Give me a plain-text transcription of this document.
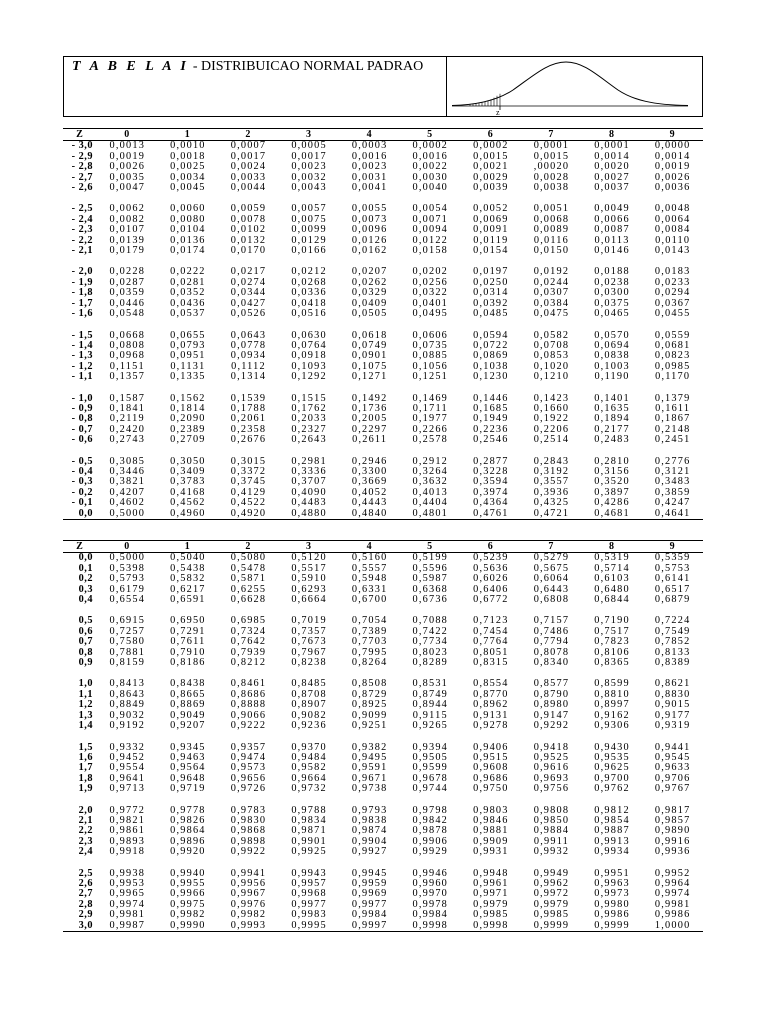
T A B E L A I - DISTRIBUICAO NORMAL PADRAO
z
Z	0	1	2	3	4	5	6	7	8	9
- 3,0	0,0013	0,0010	0,0007	0,0005	0,0003	0,0002	0,0002	0,0001	0,0001	0,0000
- 2,9	0,0019	0,0018	0,0017	0,0017	0,0016	0,0016	0,0015	0,0015	0,0014	0,0014
- 2,8	0,0026	0,0025	0,0024	0,0023	0,0023	0,0022	0,0021	,00020	0,0020	0,0019
- 2,7	0,0035	0,0034	0,0033	0,0032	0,0031	0,0030	0,0029	0,0028	0,0027	0,0026
- 2,6	0,0047	0,0045	0,0044	0,0043	0,0041	0,0040	0,0039	0,0038	0,0037	0,0036

- 2,5	0,0062	0,0060	0,0059	0,0057	0,0055	0,0054	0,0052	0,0051	0,0049	0,0048
- 2,4	0,0082	0,0080	0,0078	0,0075	0,0073	0,0071	0,0069	0,0068	0,0066	0,0064
- 2,3	0,0107	0,0104	0,0102	0,0099	0,0096	0,0094	0,0091	0,0089	0,0087	0,0084
- 2,2	0,0139	0,0136	0,0132	0,0129	0,0126	0,0122	0,0119	0,0116	0,0113	0,0110
- 2,1	0,0179	0,0174	0,0170	0,0166	0,0162	0,0158	0,0154	0,0150	0,0146	0,0143

- 2,0	0,0228	0,0222	0,0217	0,0212	0,0207	0,0202	0,0197	0,0192	0,0188	0,0183
- 1,9	0,0287	0,0281	0,0274	0,0268	0,0262	0,0256	0,0250	0,0244	0,0238	0,0233
- 1,8	0,0359	0,0352	0,0344	0,0336	0,0329	0,0322	0,0314	0,0307	0,0300	0,0294
- 1,7	0,0446	0,0436	0,0427	0,0418	0,0409	0,0401	0,0392	0,0384	0,0375	0,0367
- 1,6	0,0548	0,0537	0,0526	0,0516	0,0505	0,0495	0,0485	0,0475	0,0465	0,0455

- 1,5	0,0668	0,0655	0,0643	0,0630	0,0618	0,0606	0,0594	0,0582	0,0570	0,0559
- 1,4	0,0808	0,0793	0,0778	0,0764	0,0749	0,0735	0,0722	0,0708	0,0694	0,0681
- 1,3	0,0968	0,0951	0,0934	0,0918	0,0901	0,0885	0,0869	0,0853	0,0838	0,0823
- 1,2	0,1151	0,1131	0,1112	0,1093	0,1075	0,1056	0,1038	0,1020	0,1003	0,0985
- 1,1	0,1357	0,1335	0,1314	0,1292	0,1271	0,1251	0,1230	0,1210	0,1190	0,1170

- 1,0	0,1587	0,1562	0,1539	0,1515	0,1492	0,1469	0,1446	0,1423	0,1401	0,1379
- 0,9	0,1841	0,1814	0,1788	0,1762	0,1736	0,1711	0,1685	0,1660	0,1635	0,1611
- 0,8	0,2119	0,2090	0,2061	0,2033	0,2005	0,1977	0,1949	0,1922	0,1894	0,1867
- 0,7	0,2420	0,2389	0,2358	0,2327	0,2297	0,2266	0,2236	0,2206	0,2177	0,2148
- 0,6	0,2743	0,2709	0,2676	0,2643	0,2611	0,2578	0,2546	0,2514	0,2483	0,2451

- 0,5	0,3085	0,3050	0,3015	0,2981	0,2946	0,2912	0,2877	0,2843	0,2810	0,2776
- 0,4	0,3446	0,3409	0,3372	0,3336	0,3300	0,3264	0,3228	0,3192	0,3156	0,3121
- 0,3	0,3821	0,3783	0,3745	0,3707	0,3669	0,3632	0,3594	0,3557	0,3520	0,3483
- 0,2	0,4207	0,4168	0,4129	0,4090	0,4052	0,4013	0,3974	0,3936	0,3897	0,3859
- 0,1	0,4602	0,4562	0,4522	0,4483	0,4443	0,4404	0,4364	0,4325	0,4286	0,4247
0,0	0,5000	0,4960	0,4920	0,4880	0,4840	0,4801	0,4761	0,4721	0,4681	0,4641
Z	0	1	2	3	4	5	6	7	8	9
0,0	0,5000	0,5040	0,5080	0,5120	0,5160	0,5199	0,5239	0,5279	0,5319	0,5359
0,1	0,5398	0,5438	0,5478	0,5517	0,5557	0,5596	0,5636	0,5675	0,5714	0,5753
0,2	0,5793	0,5832	0,5871	0,5910	0,5948	0,5987	0,6026	0,6064	0,6103	0,6141
0,3	0,6179	0,6217	0,6255	0,6293	0,6331	0,6368	0,6406	0,6443	0,6480	0,6517
0,4	0,6554	0,6591	0,6628	0,6664	0,6700	0,6736	0,6772	0,6808	0,6844	0,6879

0,5	0,6915	0,6950	0,6985	0,7019	0,7054	0,7088	0,7123	0,7157	0,7190	0,7224
0,6	0,7257	0,7291	0,7324	0,7357	0,7389	0,7422	0,7454	0,7486	0,7517	0,7549
0,7	0,7580	0,7611	0,7642	0,7673	0,7703	0,7734	0,7764	0,7794	0,7823	0,7852
0,8	0,7881	0,7910	0,7939	0,7967	0,7995	0,8023	0,8051	0,8078	0,8106	0,8133
0,9	0,8159	0,8186	0,8212	0,8238	0,8264	0,8289	0,8315	0,8340	0,8365	0,8389

1,0	0,8413	0,8438	0,8461	0,8485	0,8508	0,8531	0,8554	0,8577	0,8599	0,8621
1,1	0,8643	0,8665	0,8686	0,8708	0,8729	0,8749	0,8770	0,8790	0,8810	0,8830
1,2	0,8849	0,8869	0,8888	0,8907	0,8925	0,8944	0,8962	0,8980	0,8997	0,9015
1,3	0,9032	0,9049	0,9066	0,9082	0,9099	0,9115	0,9131	0,9147	0,9162	0,9177
1,4	0,9192	0,9207	0,9222	0,9236	0,9251	0,9265	0,9278	0,9292	0,9306	0,9319

1,5	0,9332	0,9345	0,9357	0,9370	0,9382	0,9394	0,9406	0,9418	0,9430	0,9441
1,6	0,9452	0,9463	0,9474	0,9484	0,9495	0,9505	0,9515	0,9525	0,9535	0,9545
1,7	0,9554	0,9564	0,9573	0,9582	0,9591	0,9599	0,9608	0,9616	0,9625	0,9633
1,8	0,9641	0,9648	0,9656	0,9664	0,9671	0,9678	0,9686	0,9693	0,9700	0,9706
1,9	0,9713	0,9719	0,9726	0,9732	0,9738	0,9744	0,9750	0,9756	0,9762	0,9767

2,0	0,9772	0,9778	0,9783	0,9788	0,9793	0,9798	0,9803	0,9808	0,9812	0,9817
2,1	0,9821	0,9826	0,9830	0,9834	0,9838	0,9842	0,9846	0,9850	0,9854	0,9857
2,2	0,9861	0,9864	0,9868	0,9871	0,9874	0,9878	0,9881	0,9884	0,9887	0,9890
2,3	0,9893	0,9896	0,9898	0,9901	0,9904	0,9906	0,9909	0,9911	0,9913	0,9916
2,4	0,9918	0,9920	0,9922	0,9925	0,9927	0,9929	0,9931	0,9932	0,9934	0,9936

2,5	0,9938	0,9940	0,9941	0,9943	0,9945	0,9946	0,9948	0,9949	0,9951	0,9952
2,6	0,9953	0,9955	0,9956	0,9957	0,9959	0,9960	0,9961	0,9962	0,9963	0,9964
2,7	0,9965	0,9966	0,9967	0,9968	0,9969	0,9970	0,9971	0,9972	0,9973	0,9974
2,8	0,9974	0,9975	0,9976	0,9977	0,9977	0,9978	0,9979	0,9979	0,9980	0,9981
2,9	0,9981	0,9982	0,9982	0,9983	0,9984	0,9984	0,9985	0,9985	0,9986	0,9986
3,0	0,9987	0,9990	0,9993	0,9995	0,9997	0,9998	0,9998	0,9999	0,9999	1,0000
